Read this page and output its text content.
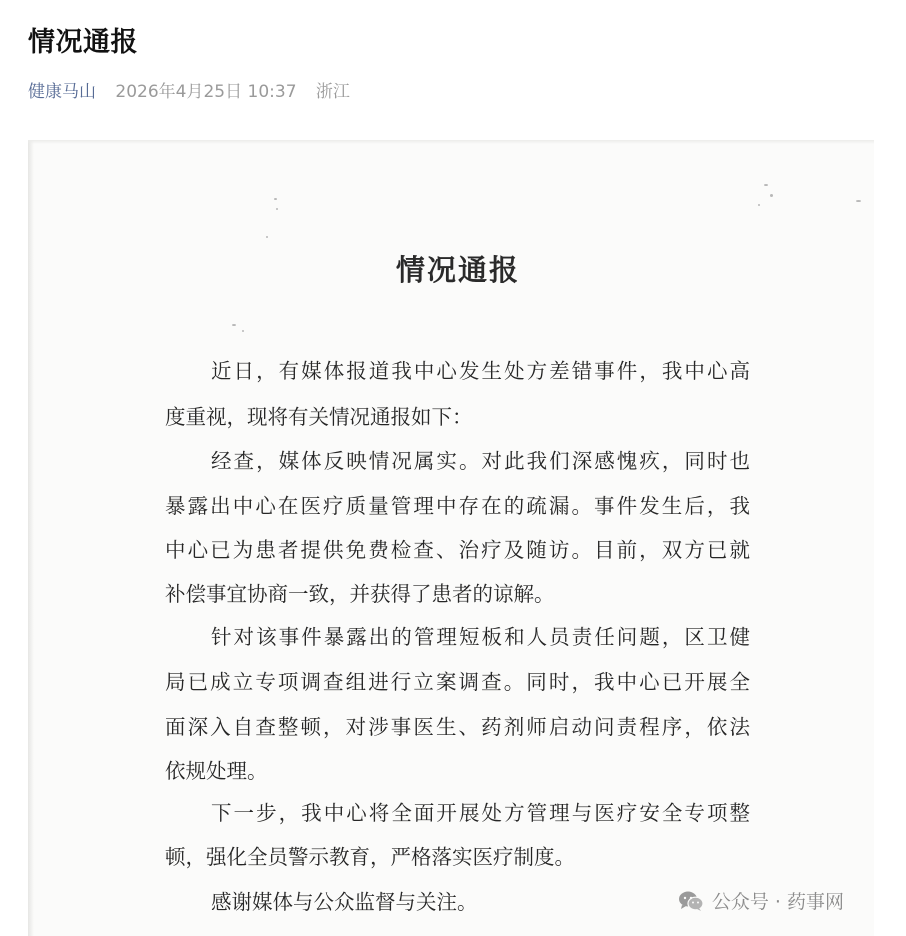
情况通报
健康马山 2026年4月25日 10:37 浙江
情况通报
近日，有媒体报道我中心发生处方差错事件，我中心高
度重视，现将有关情况通报如下：
经查，媒体反映情况属实。对此我们深感愧疚，同时也
暴露出中心在医疗质量管理中存在的疏漏。事件发生后，我
中心已为患者提供免费检查、治疗及随访。目前，双方已就
补偿事宜协商一致，并获得了患者的谅解。
针对该事件暴露出的管理短板和人员责任问题，区卫健
局已成立专项调查组进行立案调查。同时，我中心已开展全
面深入自查整顿，对涉事医生、药剂师启动问责程序，依法
依规处理。
下一步，我中心将全面开展处方管理与医疗安全专项整
顿，强化全员警示教育，严格落实医疗制度。
感谢媒体与公众监督与关注。	公众号 · 药事网
